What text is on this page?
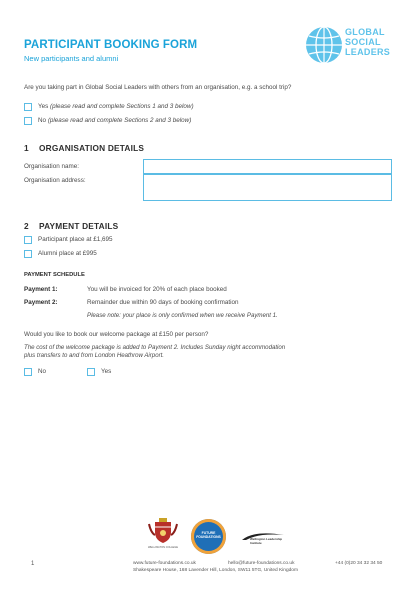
PARTICIPANT BOOKING FORM
New participants and alumni
GLOBAL
SOCIAL
LEADERS
Are you taking part in Global Social Leaders with others from an organisation, e.g. a school trip?
Yes (please read and complete Sections 1 and 3 below)
No (please read and complete Sections 2 and 3 below)
1 ORGANISATION DETAILS
Organisation name:
Organisation address:
2 PAYMENT DETAILS
Participant place at £1,695
Alumni place at £995
PAYMENT SCHEDULE
Payment 1:	You will be invoiced for 20% of each place booked
Payment 2:	Remainder due within 90 days of booking confirmation
Please note: your place is only confirmed when we receive Payment 1.
Would you like to book our welcome package at £150 per person?
The cost of the welcome package is added to Payment 2. Includes Sunday night accommodation plus transfers to and from London Heathrow Airport.
No	Yes
WELLINGTON COLLEGE
FUTURE
FOUNDATIONS	Wellington Leadership Institute
1	www.future-foundations.co.uk	hello@future-foundations.co.uk	+44 (0)20 34 32 34 50
Shakespeare House, 168 Lavender Hill, London, SW11 5TG, United Kingdom
